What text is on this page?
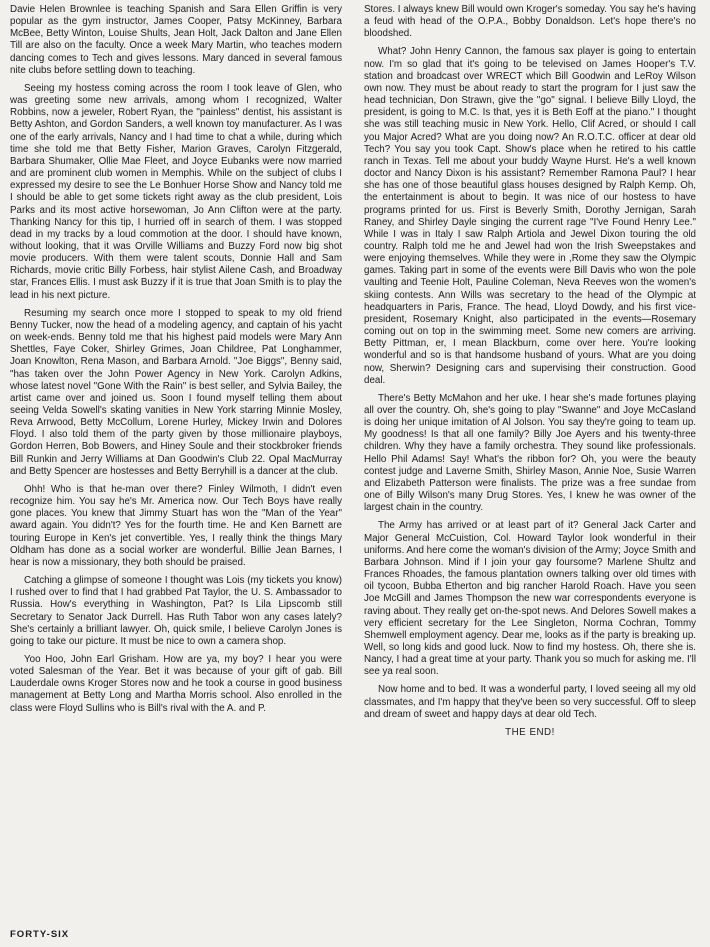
Davie Helen Brownlee is teaching Spanish and Sara Ellen Griffin is very popular as the gym instructor, James Cooper, Patsy McKinney, Barbara McBee, Betty Winton, Louise Shults, Jean Holt, Jack Dalton and Jane Ellen Till are also on the faculty. Once a week Mary Martin, who teaches modern dancing comes to Tech and gives lessons. Mary danced in several famous nite clubs before settling down to teaching.

Seeing my hostess coming across the room I took leave of Glen, who was greeting some new arrivals, among whom I recognized, Walter Robbins, now a jeweler, Robert Ryan, the "painless" dentist, his assistant is Betty Ashton, and Gordon Sanders, a well known toy manufacturer. As I was one of the early arrivals, Nancy and I had time to chat a while, during which time she told me that Betty Fisher, Marion Graves, Carolyn Fitzgerald, Barbara Shumaker, Ollie Mae Fleet, and Joyce Eubanks were now married and are prominent club women in Memphis. While on the subject of clubs I expressed my desire to see the Le Bonhuer Horse Show and Nancy told me I should be able to get some tickets right away as the club president, Lois Parks and its most active horsewoman, Jo Ann Clifton were at the party. Thanking Nancy for this tip, I hurried off in search of them. I was stopped dead in my tracks by a loud commotion at the door. I should have known, without looking, that it was Orville Williams and Buzzy Ford now big shot movie producers. With them were talent scouts, Donnie Hall and Sam Richards, movie critic Billy Forbess, hair stylist Ailene Cash, and Broadway star, Frances Ellis. I must ask Buzzy if it is true that Joan Smith is to play the lead in his next picture.

Resuming my search once more I stopped to speak to my old friend Benny Tucker, now the head of a modeling agency, and captain of his yacht on week-ends. Benny told me that his highest paid models were Mary Ann Shettles, Faye Coker, Shirley Grimes, Joan Childree, Pat Longhammer, Joan Knowlton, Rena Mason, and Barbara Arnold. "Joe Biggs", Benny said, "has taken over the John Power Agency in New York. Carolyn Adkins, whose latest novel "Gone With the Rain" is best seller, and Sylvia Bailey, the artist came over and joined us. Soon I found myself telling them about seeing Velda Sowell's skating vanities in New York starring Minnie Mosley, Reva Arrwood, Betty McCollum, Lorene Hurley, Mickey Irwin and Dolores Floyd. I also told them of the party given by those millionaire playboys, Gordon Herren, Bob Bowers, and Hiney Soule and their stockbroker friends Bill Runkin and Jerry Williams at Dan Goodwin's Club 22. Opal MacMurray and Betty Spencer are hostesses and Betty Berryhill is a dancer at the club.

Ohh! Who is that he-man over there? Finley Wilmoth, I didn't even recognize him. You say he's Mr. America now. Our Tech Boys have really gone places. You knew that Jimmy Stuart has won the "Man of the Year" award again. You didn't? Yes for the fourth time. He and Ken Barnett are touring Europe in Ken's jet convertible. Yes, I really think the things Mary Oldham has done as a social worker are wonderful. Billie Jean Barnes, I hear is now a missionary, they both should be praised.

Catching a glimpse of someone I thought was Lois (my tickets you know) I rushed over to find that I had grabbed Pat Taylor, the U. S. Ambassador to Russia. How's everything in Washington, Pat? Is Lila Lipscomb still Secretary to Senator Jack Durrell. Has Ruth Tabor won any cases lately? She's certainly a brilliant lawyer. Oh, quick smile, I believe Carolyn Jones is going to take our picture. It must be nice to own a camera shop.

Yoo Hoo, John Earl Grisham. How are ya, my boy? I hear you were voted Salesman of the Year. Bet it was because of your gift of gab. Bill Lauderdale owns Kroger Stores now and he took a course in good business management at Betty Long and Martha Morris school. Also enrolled in the class were Floyd Sullins who is Bill's rival with the A. and P.

Stores. I always knew Bill would own Kroger's someday. You say he's having a feud with head of the O.P.A., Bobby Donaldson. Let's hope there's no bloodshed.

What? John Henry Cannon, the famous sax player is going to entertain now. I'm so glad that it's going to be televised on James Hooper's T.V. station and broadcast over WRECT which Bill Goodwin and LeRoy Wilson own now. They must be about ready to start the program for I just saw the head technician, Don Strawn, give the "go" signal. I believe Billy Lloyd, the president, is going to M.C. Is that, yes it is Beth Eoff at the piano." I thought she was still teaching music in New York. Hello, Clif Acred, or should I call you Major Acred? What are you doing now? An R.O.T.C. officer at dear old Tech? You say you took Capt. Show's place when he retired to his cattle ranch in Texas. Tell me about your buddy Wayne Hurst. He's a well known doctor and Nancy Dixon is his assistant? Remember Ramona Paul? I hear she has one of those beautiful glass houses designed by Ralph Kemp. Oh, the entertainment is about to begin. It was nice of our hostess to have programs printed for us. First is Beverly Smith, Dorothy Jernigan, Sarah Raney, and Shirley Dayle singing the current rage "I've Found Henry Lee." While I was in Italy I saw Ralph Artiola and Jewel Dixon touring the old country. Ralph told me he and Jewel had won the Irish Sweepstakes and were enjoying themselves. While they were in ,Rome they saw the Olympic games. Taking part in some of the events were Bill Davis who won the pole vaulting and Teenie Holt, Pauline Coleman, Neva Reeves won the women's skiing contests. Ann Wills was secretary to the head of the Olympic at headquarters in Paris, France. The head, Lloyd Dowdy, and his first vice-president, Rosemary Knight, also participated in the events—Rosemary coming out on top in the swimming meet. Some new comers are arriving. Betty Pittman, er, I mean Blackburn, come over here. You're looking wonderful and so is that handsome husband of yours. What are you doing now, Sherwin? Designing cars and supervising their construction. Good deal.

There's Betty McMahon and her uke. I hear she's made fortunes playing all over the country. Oh, she's going to play "Swanne" and Joye McCasland is doing her unique imitation of Al Jolson. You say they're going to team up. My goodness! Is that all one family? Billy Joe Ayers and his twenty-three children. Why they have a family orchestra. They sound like professionals. Hello Phil Adams! Say! What's the ribbon for? Oh, you were the beauty contest judge and Laverne Smith, Shirley Mason, Annie Noe, Susie Warren and Elizabeth Patterson were finalists. The prize was a free sundae from one of Billy Wilson's many Drug Stores. Yes, I knew he was owner of the largest chain in the country.

The Army has arrived or at least part of it? General Jack Carter and Major General McCuistion, Col. Howard Taylor look wonderful in their uniforms. And here come the woman's division of the Army; Joyce Smith and Barbara Johnson. Mind if I join your gay foursome? Marlene Shultz and Frances Rhoades, the famous plantation owners talking over old times with oil tycoon, Bubba Etherton and big rancher Harold Roach. Have you seen Joe McGill and James Thompson the new war correspondents everyone is raving about. They really get on-the-spot news. And Delores Sowell makes a very efficient secretary for the Lee Singleton, Norma Cochran, Tommy Shemwell employment agency. Dear me, looks as if the party is breaking up. Well, so long kids and good luck. Now to find my hostess. Oh, there she is. Nancy, I had a great time at your party. Thank you so much for asking me. I'll see ya real soon.

Now home and to bed. It was a wonderful party, I loved seeing all my old classmates, and I'm happy that they've been so very successful. Off to sleep and dream of sweet and happy days at dear old Tech.

THE END!

FORTY-SIX
